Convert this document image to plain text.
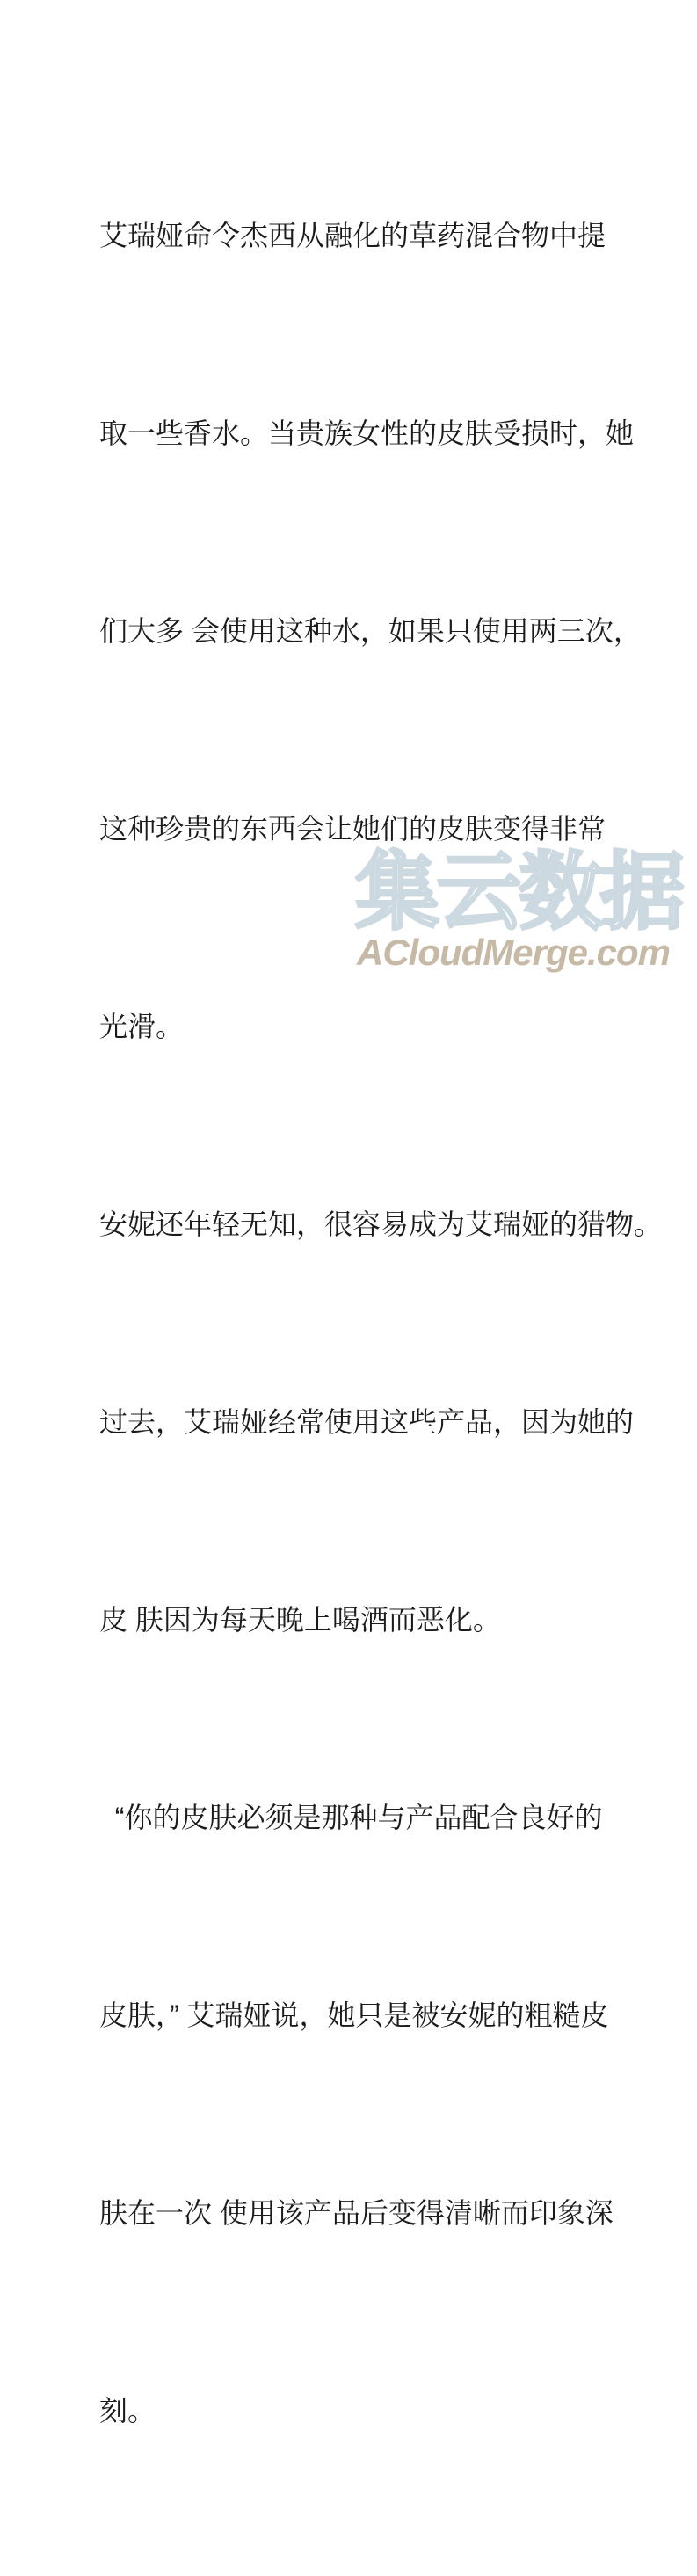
艾瑞娅命令杰西从融化的草药混合物中提

取一些香水。当贵族女性的皮肤受损时，她

们大多 会使用这种水，如果只使用两三次，

这种珍贵的东西会让她们的皮肤变得非常

光滑。

安妮还年轻无知，很容易成为艾瑞娅的猎物。

过去，艾瑞娅经常使用这些产品，因为她的

皮 肤因为每天晚上喝酒而恶化。

“你的皮肤必须是那种与产品配合良好的

皮肤，” 艾瑞娅说，她只是被安妮的粗糙皮

肤在一次 使用该产品后变得清晰而印象深

刻。

集云数据
ACloudMerge.com
